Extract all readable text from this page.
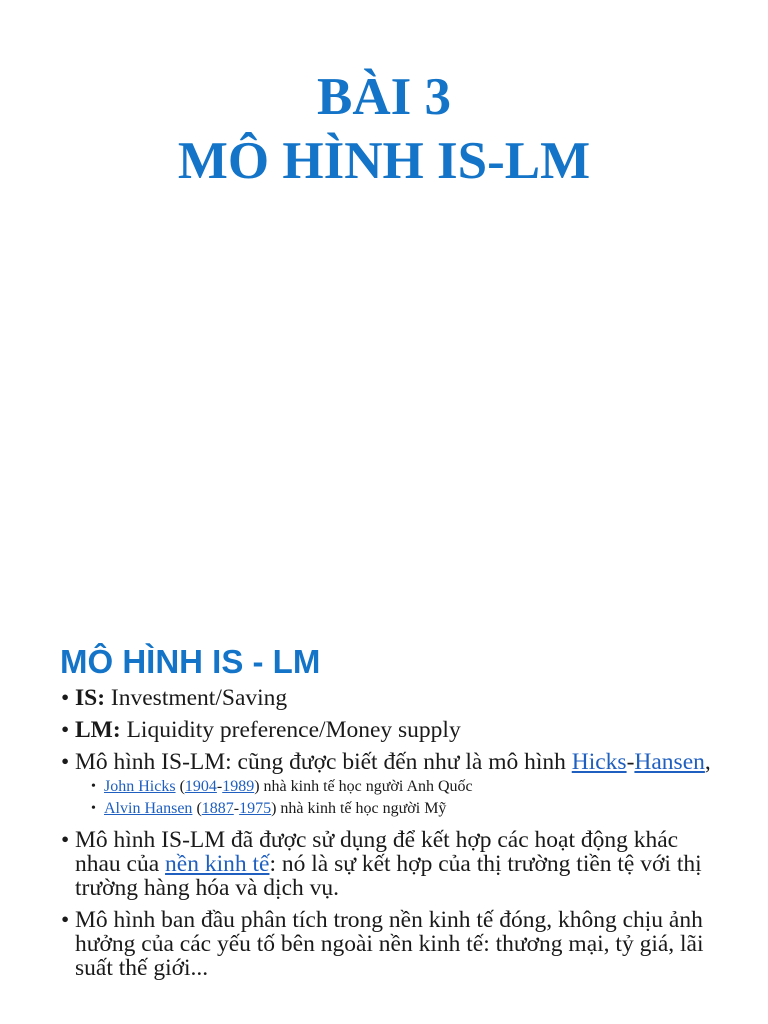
BÀI 3
MÔ HÌNH IS-LM
MÔ HÌNH IS - LM
• IS: Investment/Saving
• LM: Liquidity preference/Money supply
• Mô hình IS-LM: cũng được biết đến như là mô hình Hicks-Hansen,
• John Hicks (1904-1989) nhà kinh tế học người Anh Quốc
• Alvin Hansen (1887-1975) nhà kinh tế học người Mỹ
• Mô hình IS-LM đã được sử dụng để kết hợp các hoạt động khác nhau của nền kinh tế: nó là sự kết hợp của thị trường tiền tệ với thị trường hàng hóa và dịch vụ.
• Mô hình ban đầu phân tích trong nền kinh tế đóng, không chịu ảnh hưởng của các yếu tố bên ngoài nền kinh tế: thương mại, tỷ giá, lãi suất thế giới...
